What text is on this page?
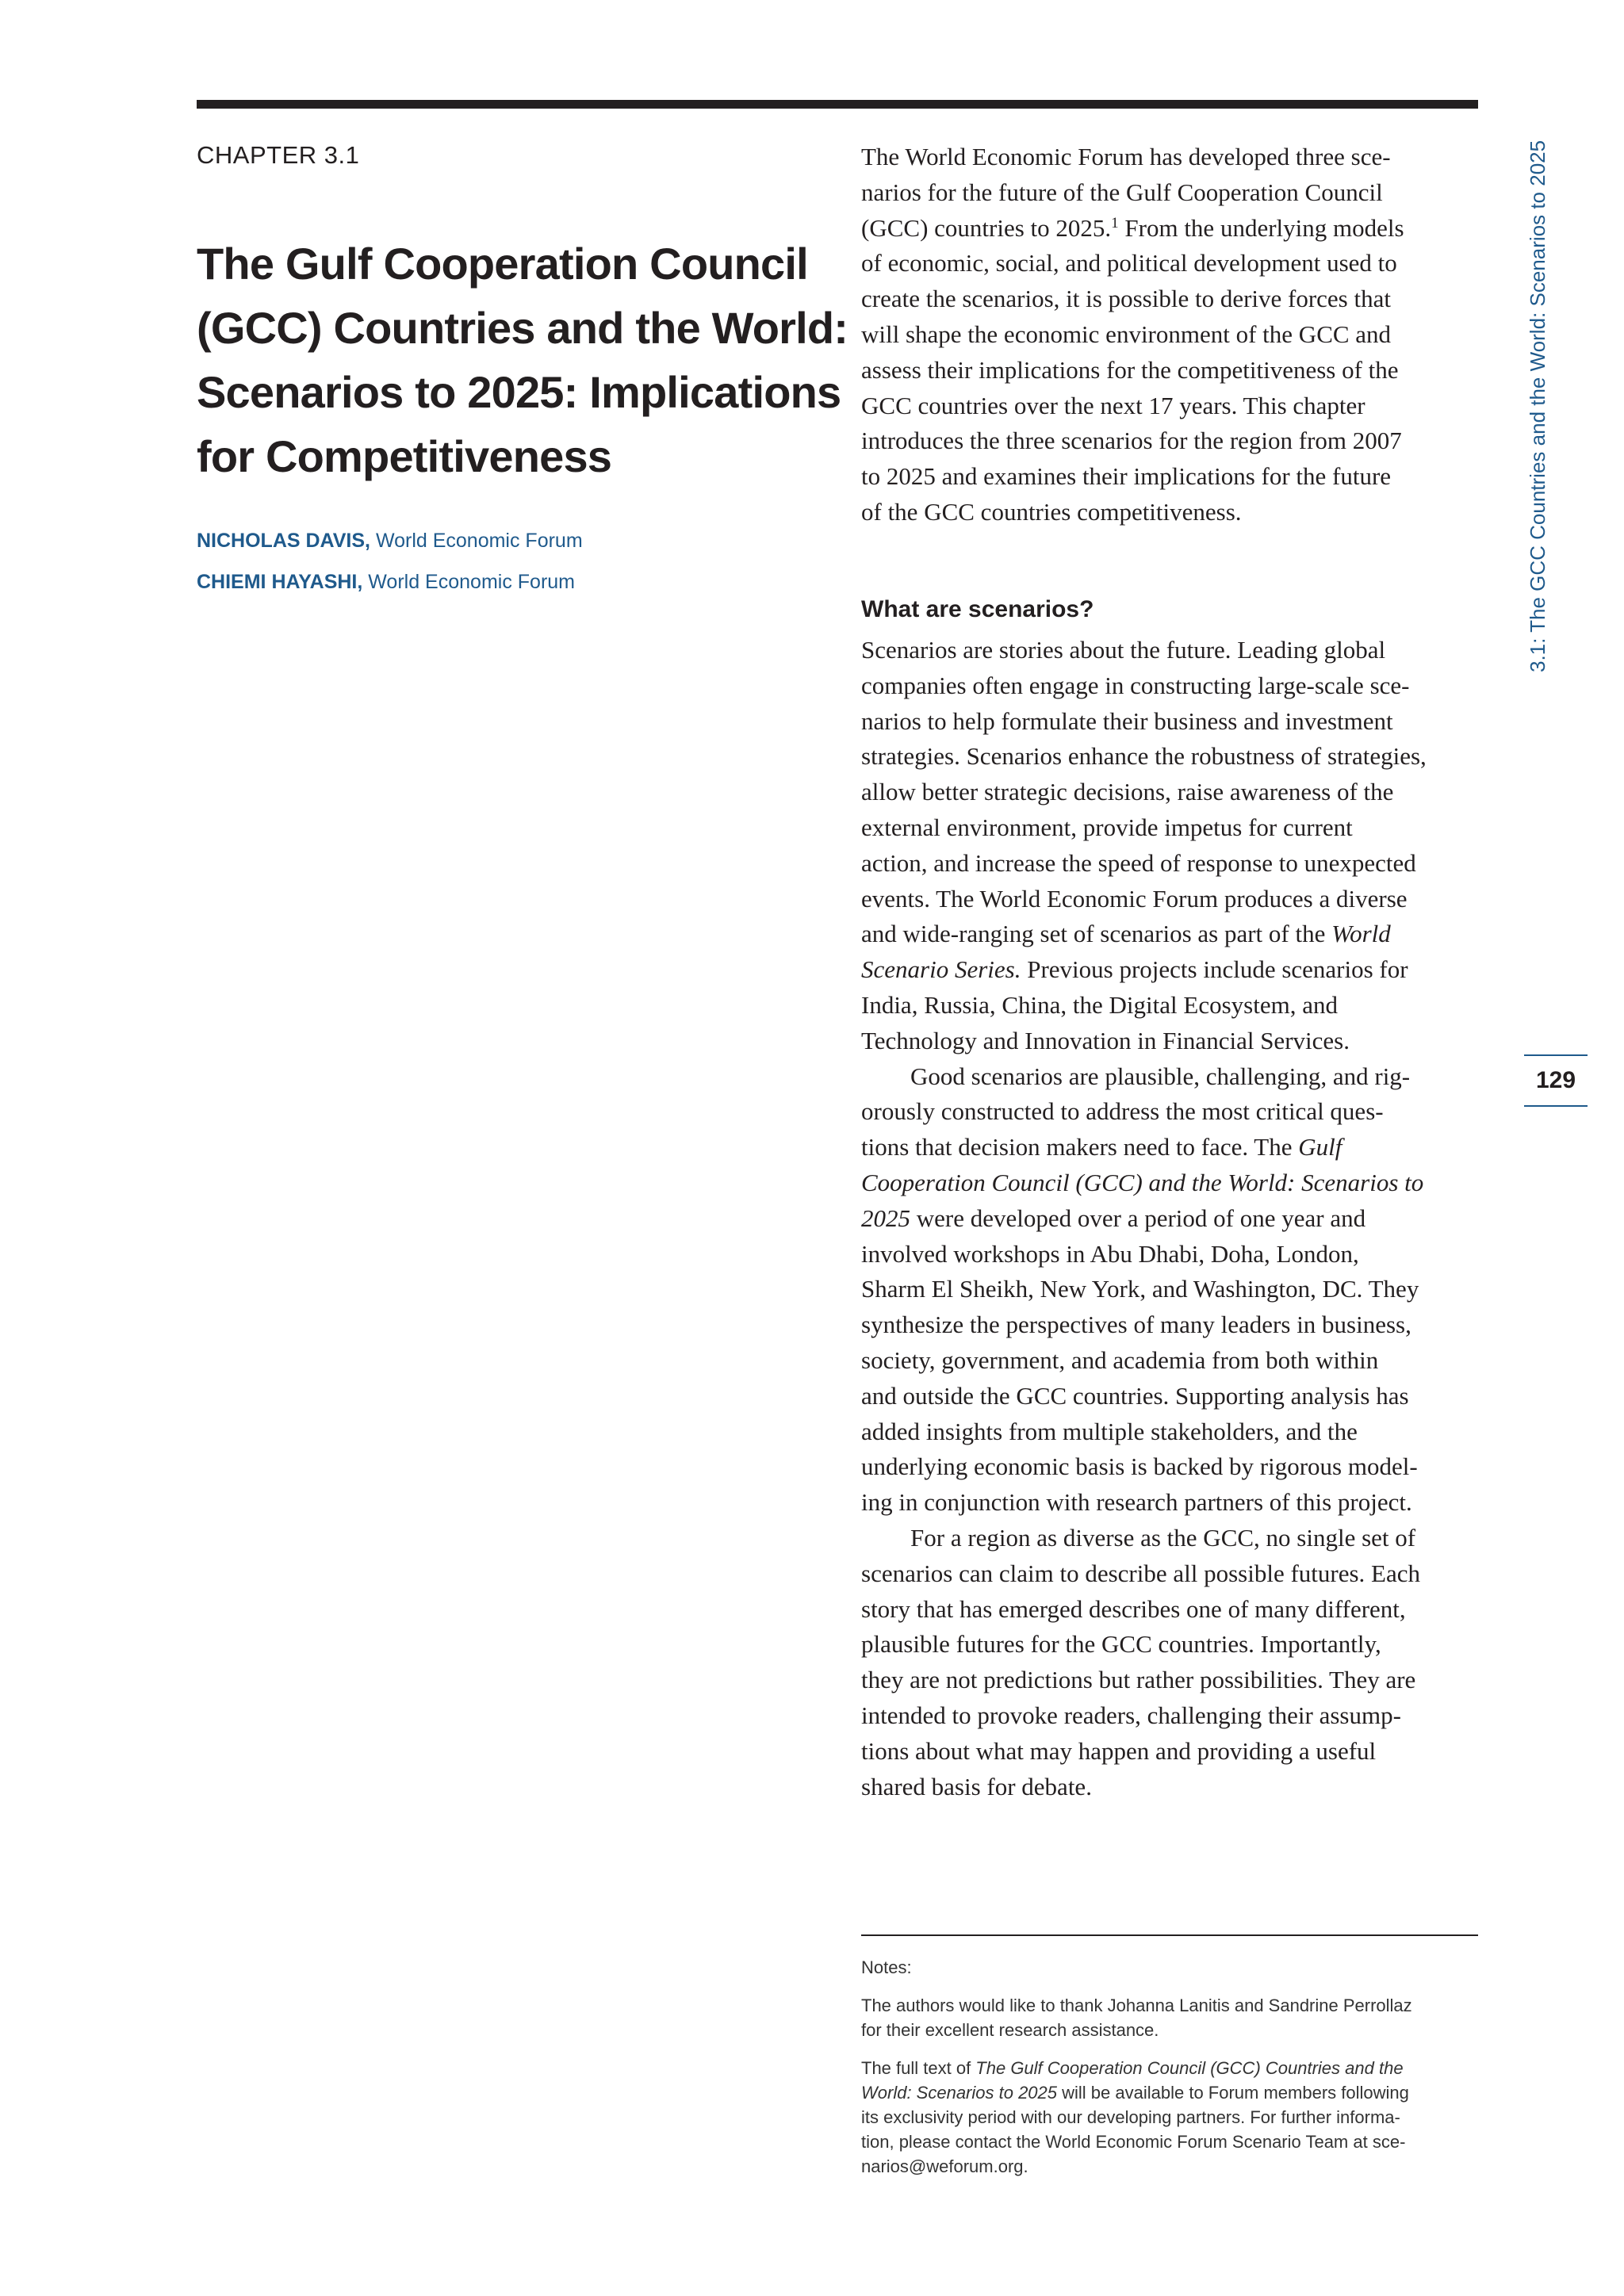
CHAPTER 3.1

The Gulf Cooperation Council
(GCC) Countries and the World:
Scenarios to 2025: Implications
for Competitiveness
NICHOLAS DAVIS, World Economic Forum
CHIEMI HAYASHI, World Economic Forum
The World Economic Forum has developed three sce-
narios for the future of the Gulf Cooperation Council
(GCC) countries to 2025.$^1$ From the underlying models
of economic, social, and political development used to
create the scenarios, it is possible to derive forces that
will shape the economic environment of the GCC and
assess their implications for the competitiveness of the
GCC countries over the next 17 years. This chapter
introduces the three scenarios for the region from 2007
to 2025 and examines their implications for the future
of the GCC countries competitiveness.
What are scenarios?
Scenarios are stories about the future. Leading global
companies often engage in constructing large-scale sce-
narios to help formulate their business and investment
strategies. Scenarios enhance the robustness of strategies,
allow better strategic decisions, raise awareness of the
external environment, provide impetus for current
action, and increase the speed of response to unexpected
events. The World Economic Forum produces a diverse
and wide-ranging set of scenarios as part of the World
Scenario Series. Previous projects include scenarios for
India, Russia, China, the Digital Ecosystem, and
Technology and Innovation in Financial Services.
Good scenarios are plausible, challenging, and rig-
orously constructed to address the most critical ques-
tions that decision makers need to face. The Gulf
Cooperation Council (GCC) and the World: Scenarios to
2025 were developed over a period of one year and
involved workshops in Abu Dhabi, Doha, London,
Sharm El Sheikh, New York, and Washington, DC. They
synthesize the perspectives of many leaders in business,
society, government, and academia from both within
and outside the GCC countries. Supporting analysis has
added insights from multiple stakeholders, and the
underlying economic basis is backed by rigorous model-
ing in conjunction with research partners of this project.
For a region as diverse as the GCC, no single set of
scenarios can claim to describe all possible futures. Each
story that has emerged describes one of many different,
plausible futures for the GCC countries. Importantly,
they are not predictions but rather possibilities. They are
intended to provoke readers, challenging their assump-
tions about what may happen and providing a useful
shared basis for debate.
Notes:
The authors would like to thank Johanna Lanitis and Sandrine Perrollaz
for their excellent research assistance.
The full text of The Gulf Cooperation Council (GCC) Countries and the
World: Scenarios to 2025 will be available to Forum members following
its exclusivity period with our developing partners. For further informa-
tion, please contact the World Economic Forum Scenario Team at sce-
narios@weforum.org.
3.1: The GCC Countries and the World: Scenarios to 2025
129
